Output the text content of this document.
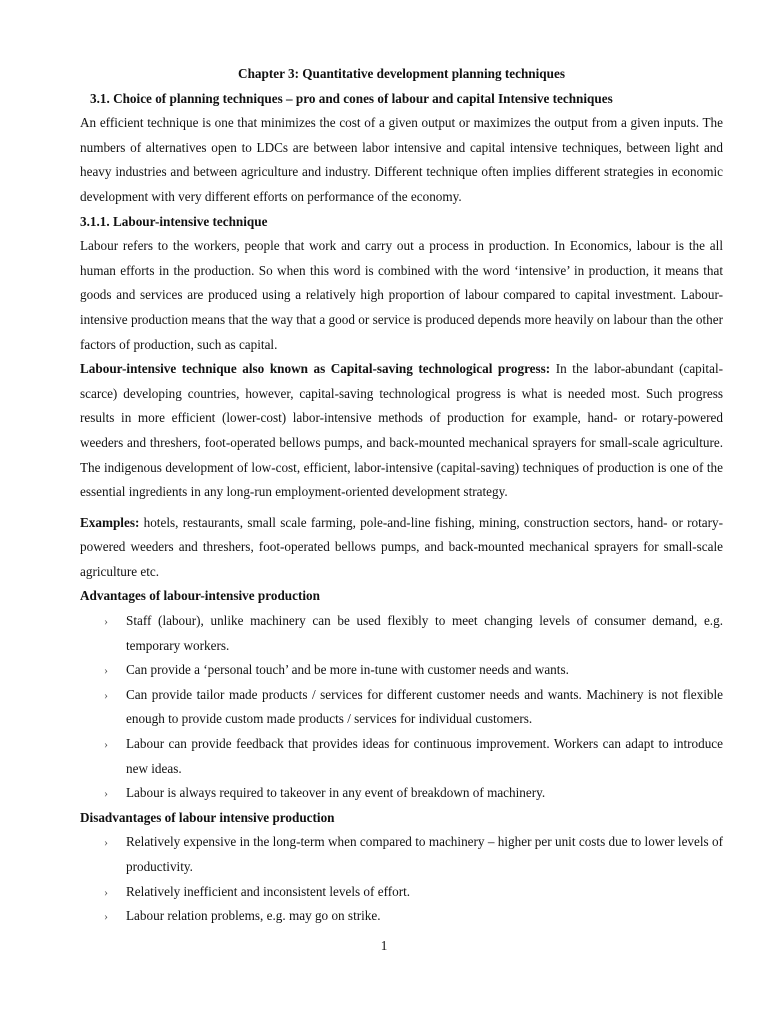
Chapter 3: Quantitative development planning techniques

3.1. Choice of planning techniques – pro and cones of labour and capital Intensive techniques

An efficient technique is one that minimizes the cost of a given output or maximizes the output from a given inputs. The numbers of alternatives open to LDCs are between labor intensive and capital intensive techniques, between light and heavy industries and between agriculture and industry. Different technique often implies different strategies in economic development with very different efforts on performance of the economy.

3.1.1. Labour-intensive technique

Labour refers to the workers, people that work and carry out a process in production. In Economics, labour is the all human efforts in the production. So when this word is combined with the word ‘intensive’ in production, it means that goods and services are produced using a relatively high proportion of labour compared to capital investment. Labour-intensive production means that the way that a good or service is produced depends more heavily on labour than the other factors of production, such as capital.

Labour-intensive technique also known as Capital-saving technological progress: In the labor-abundant (capital-scarce) developing countries, however, capital-saving technological progress is what is needed most. Such progress results in more efficient (lower-cost) labor-intensive methods of production for example, hand- or rotary-powered weeders and threshers, foot-operated bellows pumps, and back-mounted mechanical sprayers for small-scale agriculture. The indigenous development of low-cost, efficient, labor-intensive (capital-saving) techniques of production is one of the essential ingredients in any long-run employment-oriented development strategy.

Examples: hotels, restaurants, small scale farming, pole-and-line fishing, mining, construction sectors, hand- or rotary-powered weeders and threshers, foot-operated bellows pumps, and back-mounted mechanical sprayers for small-scale agriculture etc.

Advantages of labour-intensive production

› Staff (labour), unlike machinery can be used flexibly to meet changing levels of consumer demand, e.g. temporary workers.
› Can provide a ‘personal touch’ and be more in-tune with customer needs and wants.
› Can provide tailor made products / services for different customer needs and wants. Machinery is not flexible enough to provide custom made products / services for individual customers.
› Labour can provide feedback that provides ideas for continuous improvement. Workers can adapt to introduce new ideas.
› Labour is always required to takeover in any event of breakdown of machinery.

Disadvantages of labour intensive production

› Relatively expensive in the long-term when compared to machinery – higher per unit costs due to lower levels of productivity.
› Relatively inefficient and inconsistent levels of effort.
› Labour relation problems, e.g. may go on strike.
1
